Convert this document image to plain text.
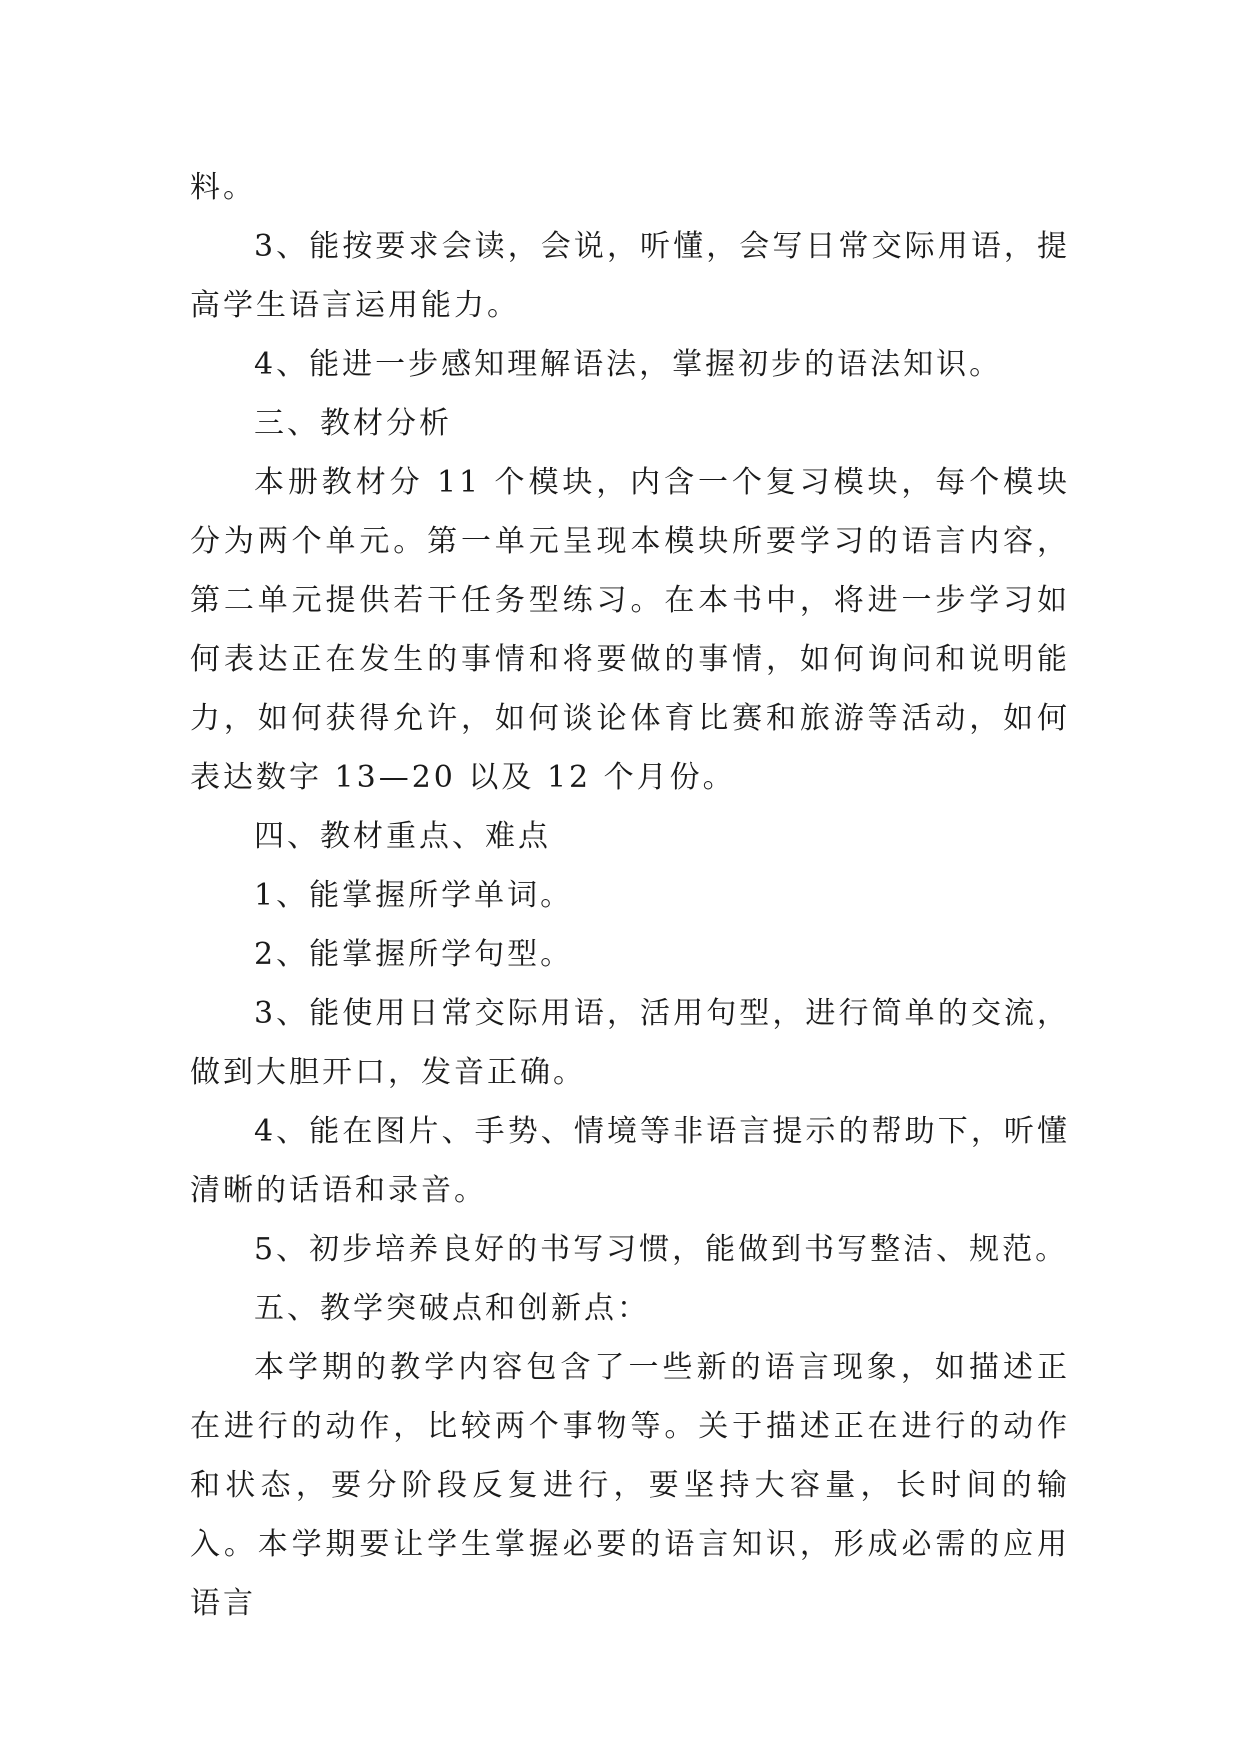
料。

3、能按要求会读，会说，听懂，会写日常交际用语，提高学生语言运用能力。

4、能进一步感知理解语法，掌握初步的语法知识。

三、教材分析

本册教材分 11 个模块，内含一个复习模块，每个模块分为两个单元。第一单元呈现本模块所要学习的语言内容，第二单元提供若干任务型练习。在本书中，将进一步学习如何表达正在发生的事情和将要做的事情，如何询问和说明能力，如何获得允许，如何谈论体育比赛和旅游等活动，如何表达数字 13—20 以及 12 个月份。

四、教材重点、难点

1、能掌握所学单词。

2、能掌握所学句型。

3、能使用日常交际用语，活用句型，进行简单的交流，做到大胆开口，发音正确。

4、能在图片、手势、情境等非语言提示的帮助下，听懂清晰的话语和录音。

5、初步培养良好的书写习惯，能做到书写整洁、规范。

五、教学突破点和创新点：

本学期的教学内容包含了一些新的语言现象，如描述正在进行的动作，比较两个事物等。关于描述正在进行的动作和状态，要分阶段反复进行，要坚持大容量，长时间的输入。本学期要让学生掌握必要的语言知识，形成必需的应用语言
